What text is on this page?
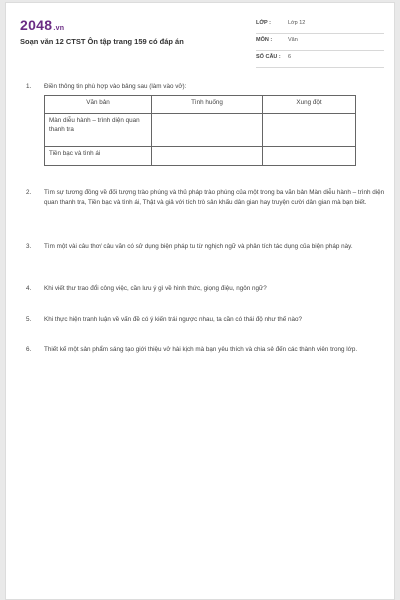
2048.vn
Soạn văn 12 CTST Ôn tập trang 159 có đáp án
LỚP :	Lớp 12
MÔN :	Văn
SỐ CÂU : 6
1. Điền thông tin phù hợp vào bảng sau (làm vào vở):
Văn bản	Tình huống	Xung đột
Màn diễu hành – trình diện quan thanh tra		
Tiền bạc và tình ái		
2. Tìm sự tương đồng về đối tượng trào phúng và thủ pháp trào phúng của một trong ba văn bản Màn diễu hành – trình diện quan thanh tra, Tiền bạc và tình ái, Thật và giả với tích trò sân khấu dân gian hay truyện cười dân gian mà bạn biết.
3. Tìm một vài câu thơ/ câu văn có sử dụng biện pháp tu từ nghịch ngữ và phân tích tác dụng của biện pháp này.
4. Khi viết thư trao đổi công việc, cần lưu ý gì về hình thức, giọng điệu, ngôn ngữ?
5. Khi thực hiện tranh luận về vấn đề có ý kiến trái ngược nhau, ta cần có thái độ như thế nào?
6. Thiết kế một sản phẩm sáng tạo giới thiệu vở hài kịch mà bạn yêu thích và chia sẻ đến các thành viên trong lớp.
